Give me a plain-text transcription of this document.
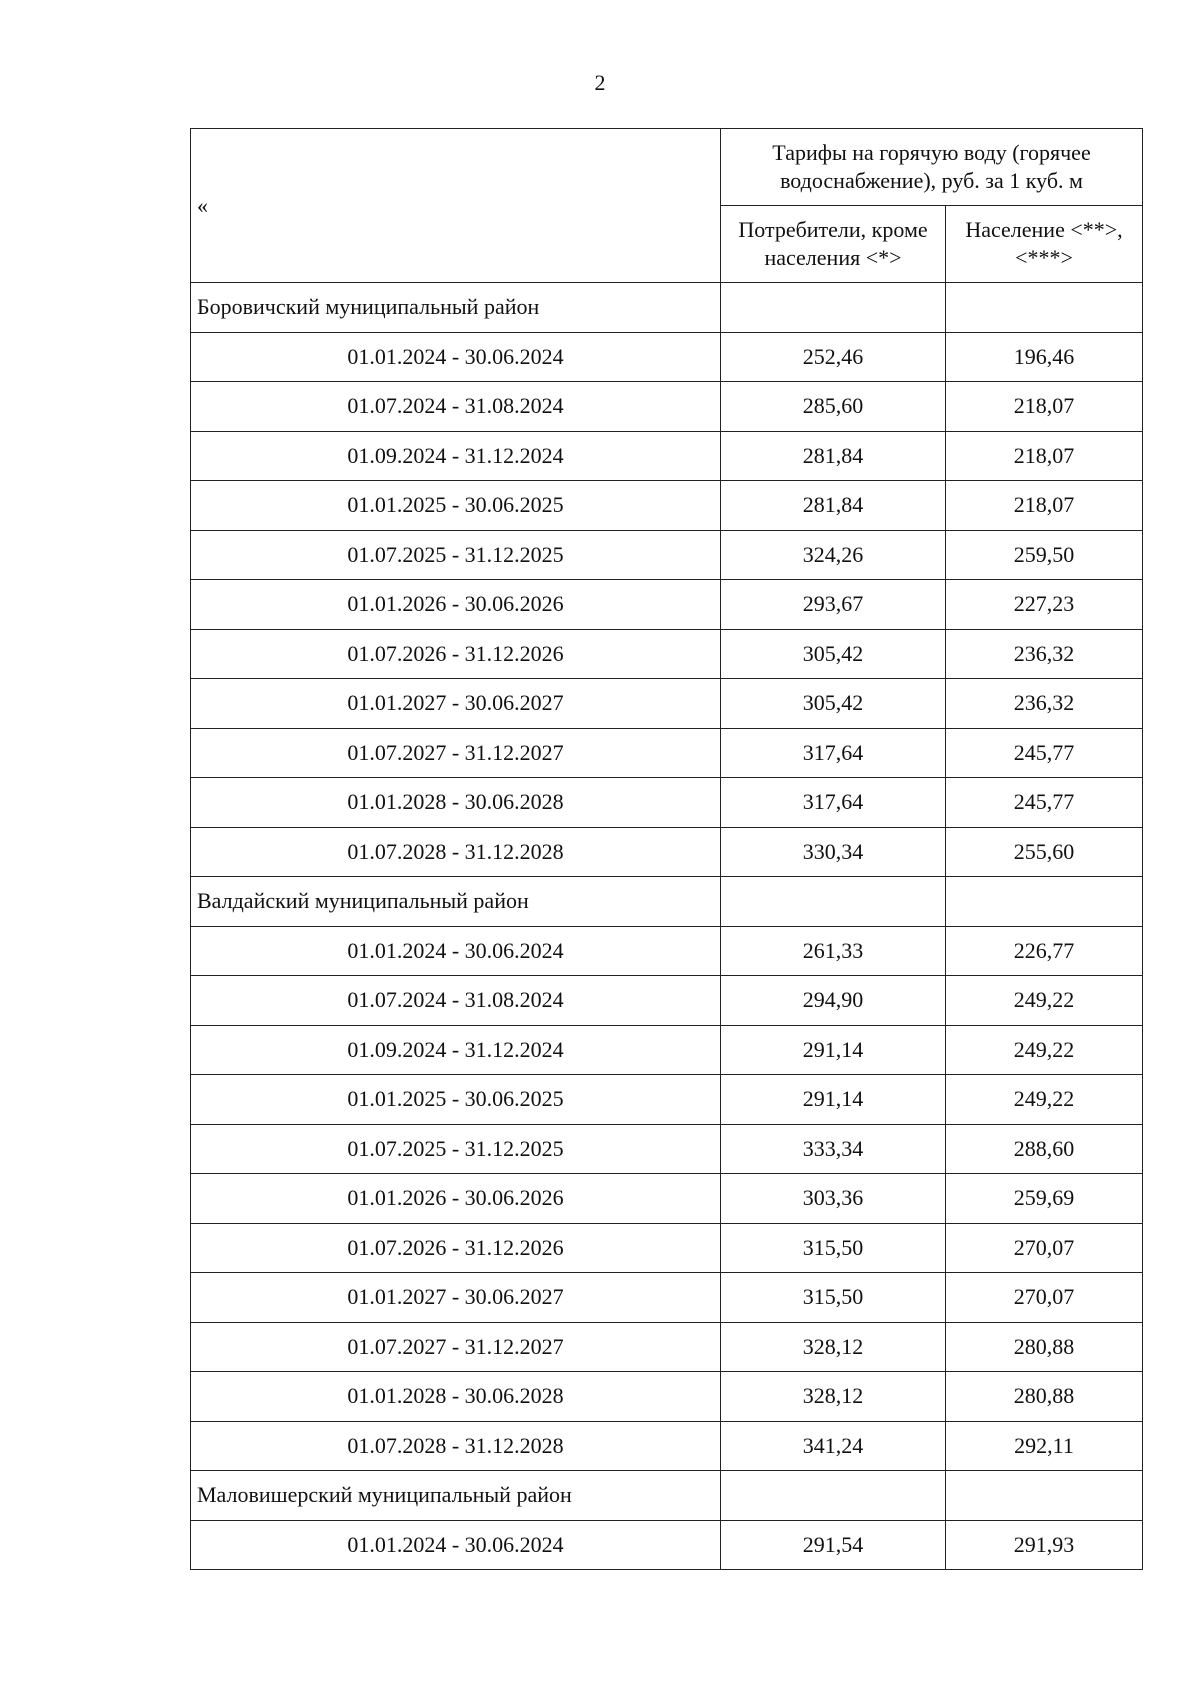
2
«	Тарифы на горячую воду (горячее водоснабжение), руб. за 1 куб. м	
	Потребители, кроме населения <*>	Население <**>, <***>
Боровичский муниципальный район		
01.01.2024 - 30.06.2024	252,46	196,46
01.07.2024 - 31.08.2024	285,60	218,07
01.09.2024 - 31.12.2024	281,84	218,07
01.01.2025 - 30.06.2025	281,84	218,07
01.07.2025 - 31.12.2025	324,26	259,50
01.01.2026 - 30.06.2026	293,67	227,23
01.07.2026 - 31.12.2026	305,42	236,32
01.01.2027 - 30.06.2027	305,42	236,32
01.07.2027 - 31.12.2027	317,64	245,77
01.01.2028 - 30.06.2028	317,64	245,77
01.07.2028 - 31.12.2028	330,34	255,60
Валдайский муниципальный район		
01.01.2024 - 30.06.2024	261,33	226,77
01.07.2024 - 31.08.2024	294,90	249,22
01.09.2024 - 31.12.2024	291,14	249,22
01.01.2025 - 30.06.2025	291,14	249,22
01.07.2025 - 31.12.2025	333,34	288,60
01.01.2026 - 30.06.2026	303,36	259,69
01.07.2026 - 31.12.2026	315,50	270,07
01.01.2027 - 30.06.2027	315,50	270,07
01.07.2027 - 31.12.2027	328,12	280,88
01.01.2028 - 30.06.2028	328,12	280,88
01.07.2028 - 31.12.2028	341,24	292,11
Маловишерский муниципальный район		
01.01.2024 - 30.06.2024	291,54	291,93
